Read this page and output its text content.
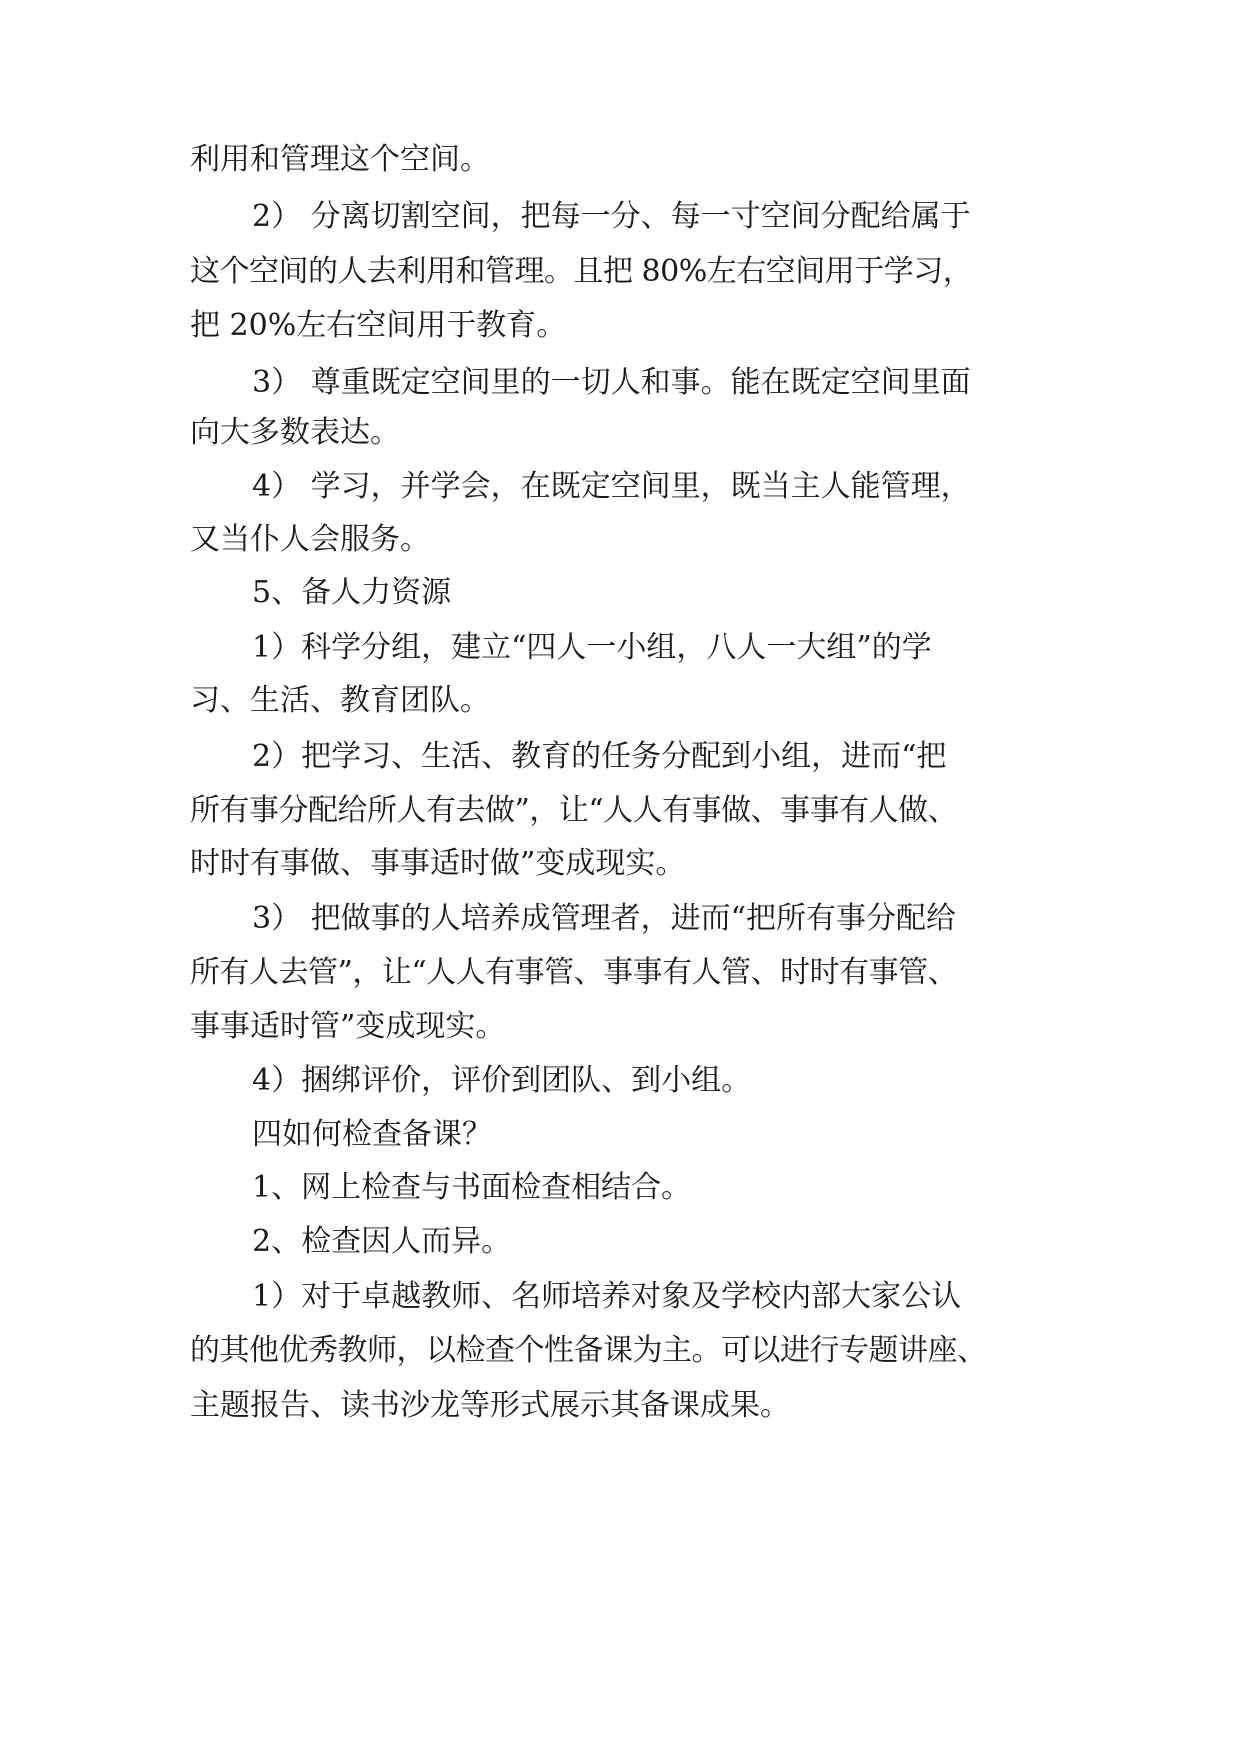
利用和管理这个空间。
2） 分离切割空间，把每一分、每一寸空间分配给属于
这个空间的人去利用和管理。且把 80%左右空间用于学习，
把 20%左右空间用于教育。
3） 尊重既定空间里的一切人和事。能在既定空间里面
向大多数表达。
4） 学习，并学会，在既定空间里，既当主人能管理，
又当仆人会服务。
5、备人力资源
1）科学分组，建立“四人一小组，八人一大组”的学
习、生活、教育团队。
2）把学习、生活、教育的任务分配到小组，进而“把
所有事分配给所人有去做”，让“人人有事做、事事有人做、
时时有事做、事事适时做”变成现实。
3） 把做事的人培养成管理者，进而“把所有事分配给
所有人去管”，让“人人有事管、事事有人管、时时有事管、
事事适时管”变成现实。
4）捆绑评价，评价到团队、到小组。
四如何检查备课？
1、网上检查与书面检查相结合。
2、检查因人而异。
1）对于卓越教师、名师培养对象及学校内部大家公认
的其他优秀教师，以检查个性备课为主。可以进行专题讲座、
主题报告、读书沙龙等形式展示其备课成果。
